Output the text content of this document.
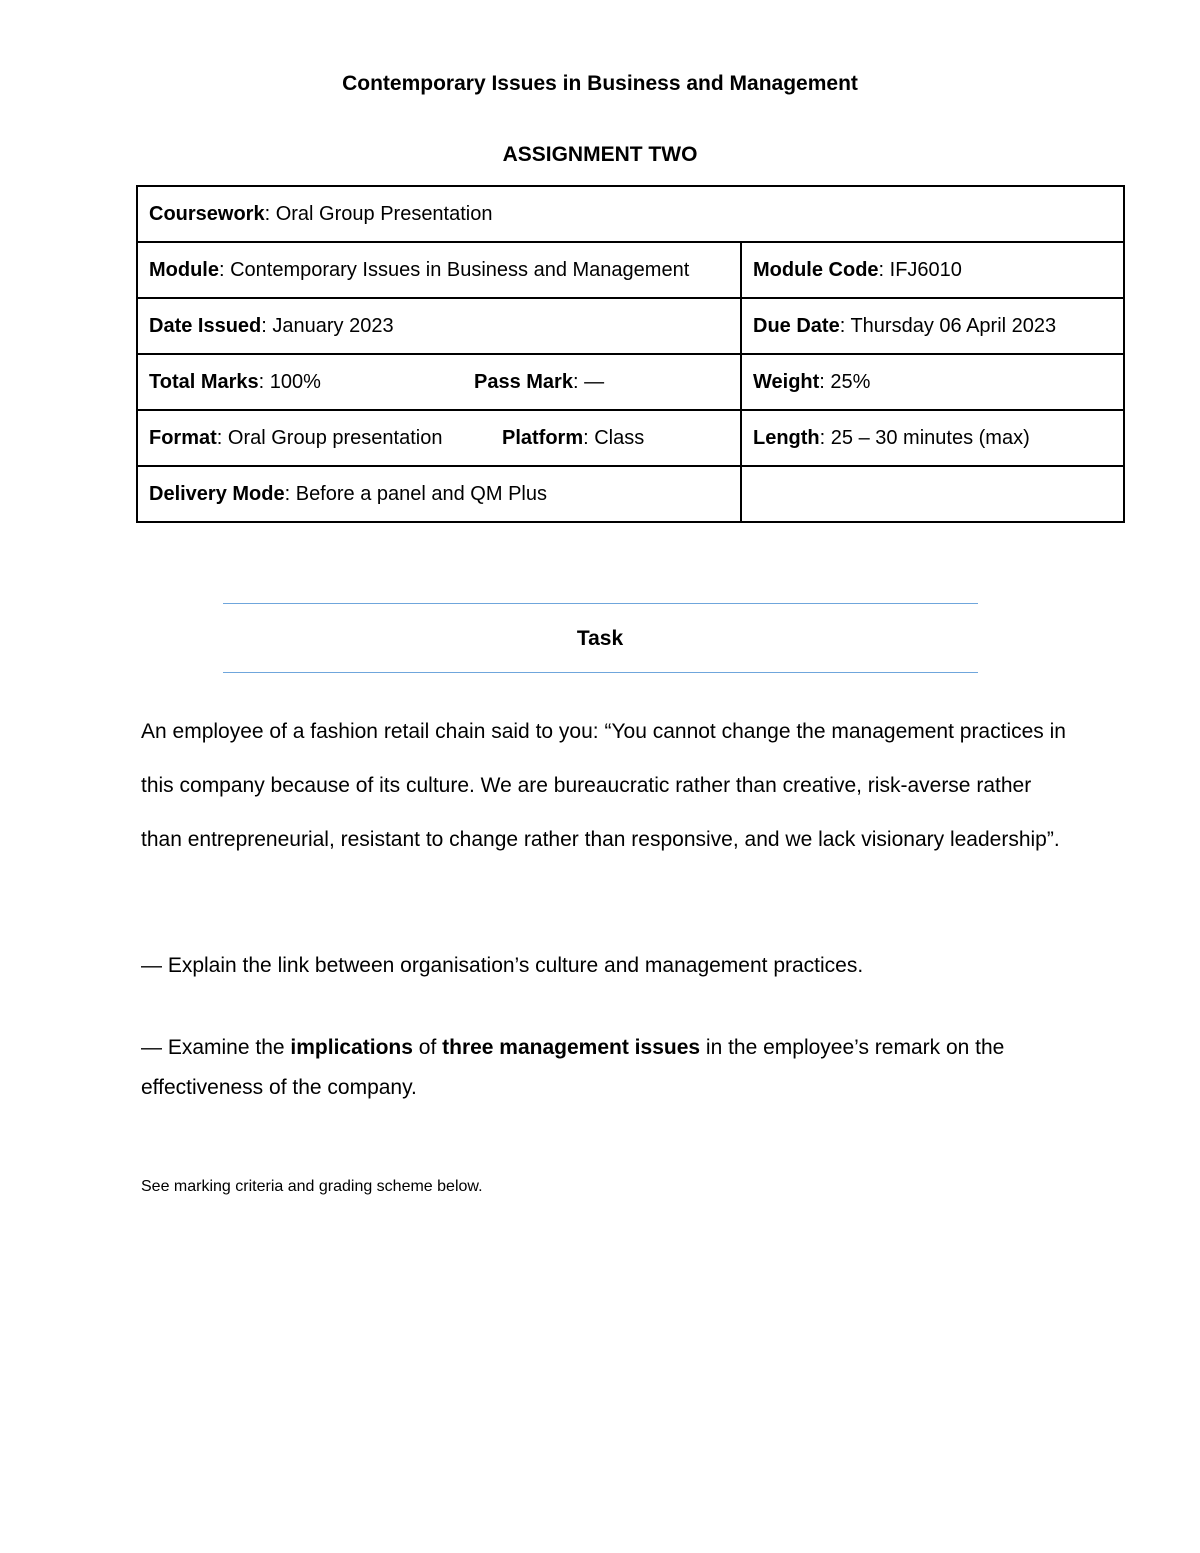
Contemporary Issues in Business and Management
ASSIGNMENT TWO
Coursework: Oral Group Presentation	
Module: Contemporary Issues in Business and Management	Module Code: IFJ6010
Date Issued: January 2023	Due Date: Thursday 06 April 2023

Total Marks: 100% Pass Mark: —	Weight: 25%

Format: Oral Group presentation Platform: Class	Length: 25 – 30 minutes (max)
Delivery Mode: Before a panel and QM Plus	
Task
An employee of a fashion retail chain said to you: “You cannot change the management practices in this company because of its culture. We are bureaucratic rather than creative, risk-averse rather than entrepreneurial, resistant to change rather than responsive, and we lack visionary leadership”.
— Explain the link between organisation’s culture and management practices.
— Examine the implications of three management issues in the employee’s remark on the effectiveness of the company.
See marking criteria and grading scheme below.
